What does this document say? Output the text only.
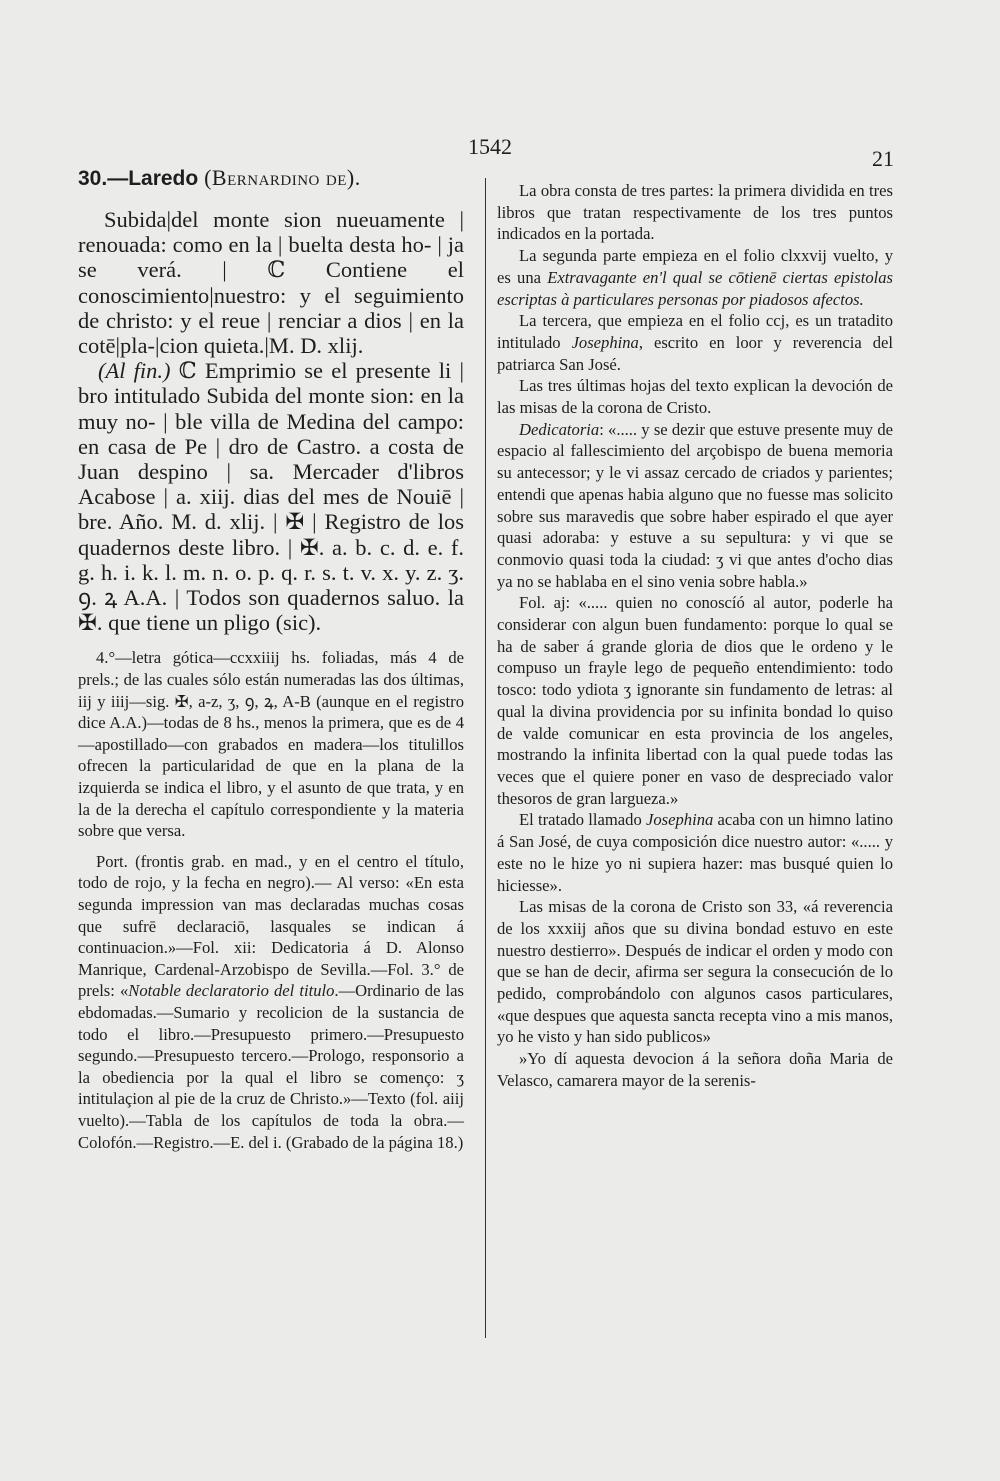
1542	21
30.—Laredo (Bernardino de).

Subida|del monte sion nueuamente | renouada: como en la | buelta desta ho- | ja se verá. | ℂ Contiene el conoscimiento|nuestro: y el seguimiento de christo: y el reue | renciar a dios | en la cotē|pla-|cion quieta.|M. D. xlij.

(Al fin.) ℂ Emprimio se el presente li | bro intitulado Subida del monte sion: en la muy no- | ble villa de Medina del campo: en casa de Pe | dro de Castro. a costa de Juan despino | sa. Mercader d'libros Acabose | a. xiij. dias del mes de Nouiē | bre. Año. M. d. xlij. | ✠ | Registro de los quadernos deste libro. | ✠. a. b. c. d. e. f. g. h. i. k. l. m. n. o. p. q. r. s. t. v. x. y. z. ʒ. ꝯ. ꝝ A.A. | Todos son quadernos saluo. la ✠. que tiene un pligo (sic).

4.°—letra gótica—ccxxiiij hs. foliadas, más 4 de prels.; de las cuales sólo están numeradas las dos últimas, iij y iiij—sig. ✠, a-z, ʒ, ꝯ, ꝝ, A-B (aunque en el registro dice A.A.)—todas de 8 hs., menos la primera, que es de 4 —apostillado—con grabados en madera—los titulillos ofrecen la particularidad de que en la plana de la izquierda se indica el libro, y el asunto de que trata, y en la de la derecha el capítulo correspondiente y la materia sobre que versa.

Port. (frontis grab. en mad., y en el centro el título, todo de rojo, y la fecha en negro).— Al verso: «En esta segunda impression van mas declaradas muchas cosas que sufrē declaraciō, lasquales se indican á continuacion.»—Fol. xii: Dedicatoria á D. Alonso Manrique, Cardenal-Arzobispo de Sevilla.—Fol. 3.° de prels: «Notable declaratorio del titulo.—Ordinario de las ebdomadas.—Sumario y recolicion de la sustancia de todo el libro.—Presupuesto primero.—Presupuesto segundo.—Presupuesto tercero.—Prologo, responsorio a la obediencia por la qual el libro se començo: ʒ intitulaçion al pie de la cruz de Christo.»—Texto (fol. aiij vuelto).—Tabla de los capítulos de toda la obra.—Colofón.—Registro.—E. del i. (Grabado de la página 18.)

La obra consta de tres partes: la primera dividida en tres libros que tratan respectivamente de los tres puntos indicados en la portada.

La segunda parte empieza en el folio clxxvij vuelto, y es una Extravagante en'l qual se cōtienē ciertas epistolas escriptas à particulares personas por piadosos afectos.

La tercera, que empieza en el folio ccj, es un tratadito intitulado Josephina, escrito en loor y reverencia del patriarca San José.

Las tres últimas hojas del texto explican la devoción de las misas de la corona de Cristo.

Dedicatoria: «..... y se dezir que estuve presente muy de espacio al fallescimiento del arçobispo de buena memoria su antecessor; y le vi assaz cercado de criados y parientes; entendi que apenas habia alguno que no fuesse mas solicito sobre sus maravedis que sobre haber espirado el que ayer quasi adoraba: y estuve a su sepultura: y vi que se conmovio quasi toda la ciudad: ʒ vi que antes d'ocho dias ya no se hablaba en el sino venia sobre habla.»

Fol. aj: «..... quien no conoscíó al autor, poderle ha considerar con algun buen fundamento: porque lo qual se ha de saber á grande gloria de dios que le ordeno y le compuso un frayle lego de pequeño entendimiento: todo tosco: todo ydiota ʒ ignorante sin fundamento de letras: al qual la divina providencia por su infinita bondad lo quiso de valde comunicar en esta provincia de los angeles, mostrando la infinita libertad con la qual puede todas las veces que el quiere poner en vaso de despreciado valor thesoros de gran largueza.»

El tratado llamado Josephina acaba con un himno latino á San José, de cuya composición dice nuestro autor: «..... y este no le hize yo ni supiera hazer: mas busqué quien lo hiciesse».

Las misas de la corona de Cristo son 33, «á reverencia de los xxxiij años que su divina bondad estuvo en este nuestro destierro». Después de indicar el orden y modo con que se han de decir, afirma ser segura la consecución de lo pedido, comprobándolo con algunos casos particulares, «que despues que aquesta sancta recepta vino a mis manos, yo he visto y han sido publicos»

»Yo dí aquesta devocion á la señora doña Maria de Velasco, camarera mayor de la serenis-
